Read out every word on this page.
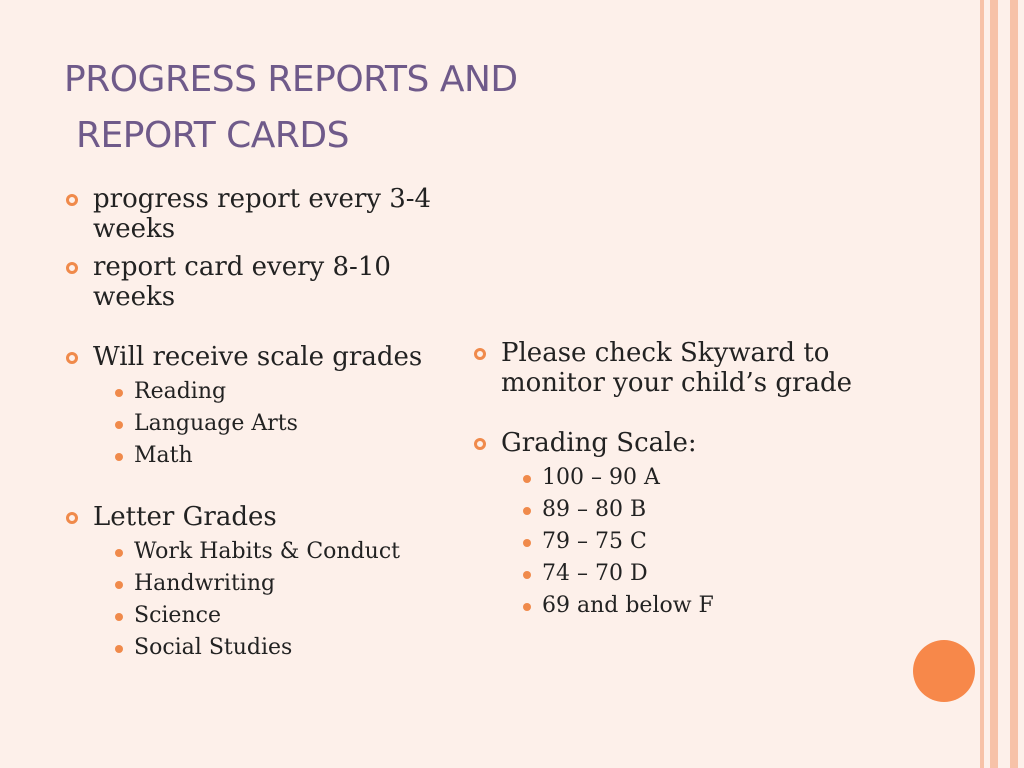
PROGRESS REPORTS AND
REPORT CARDS
progress report every 3-4 weeks
report card every 8-10 weeks
Will receive scale grades
Reading
Language Arts
Math
Letter Grades
Work Habits & Conduct
Handwriting
Science
Social Studies
Please check Skyward to monitor your child’s grade
Grading Scale:
100 – 90 A
89 – 80 B
79 – 75 C
74 – 70 D
69 and below F
